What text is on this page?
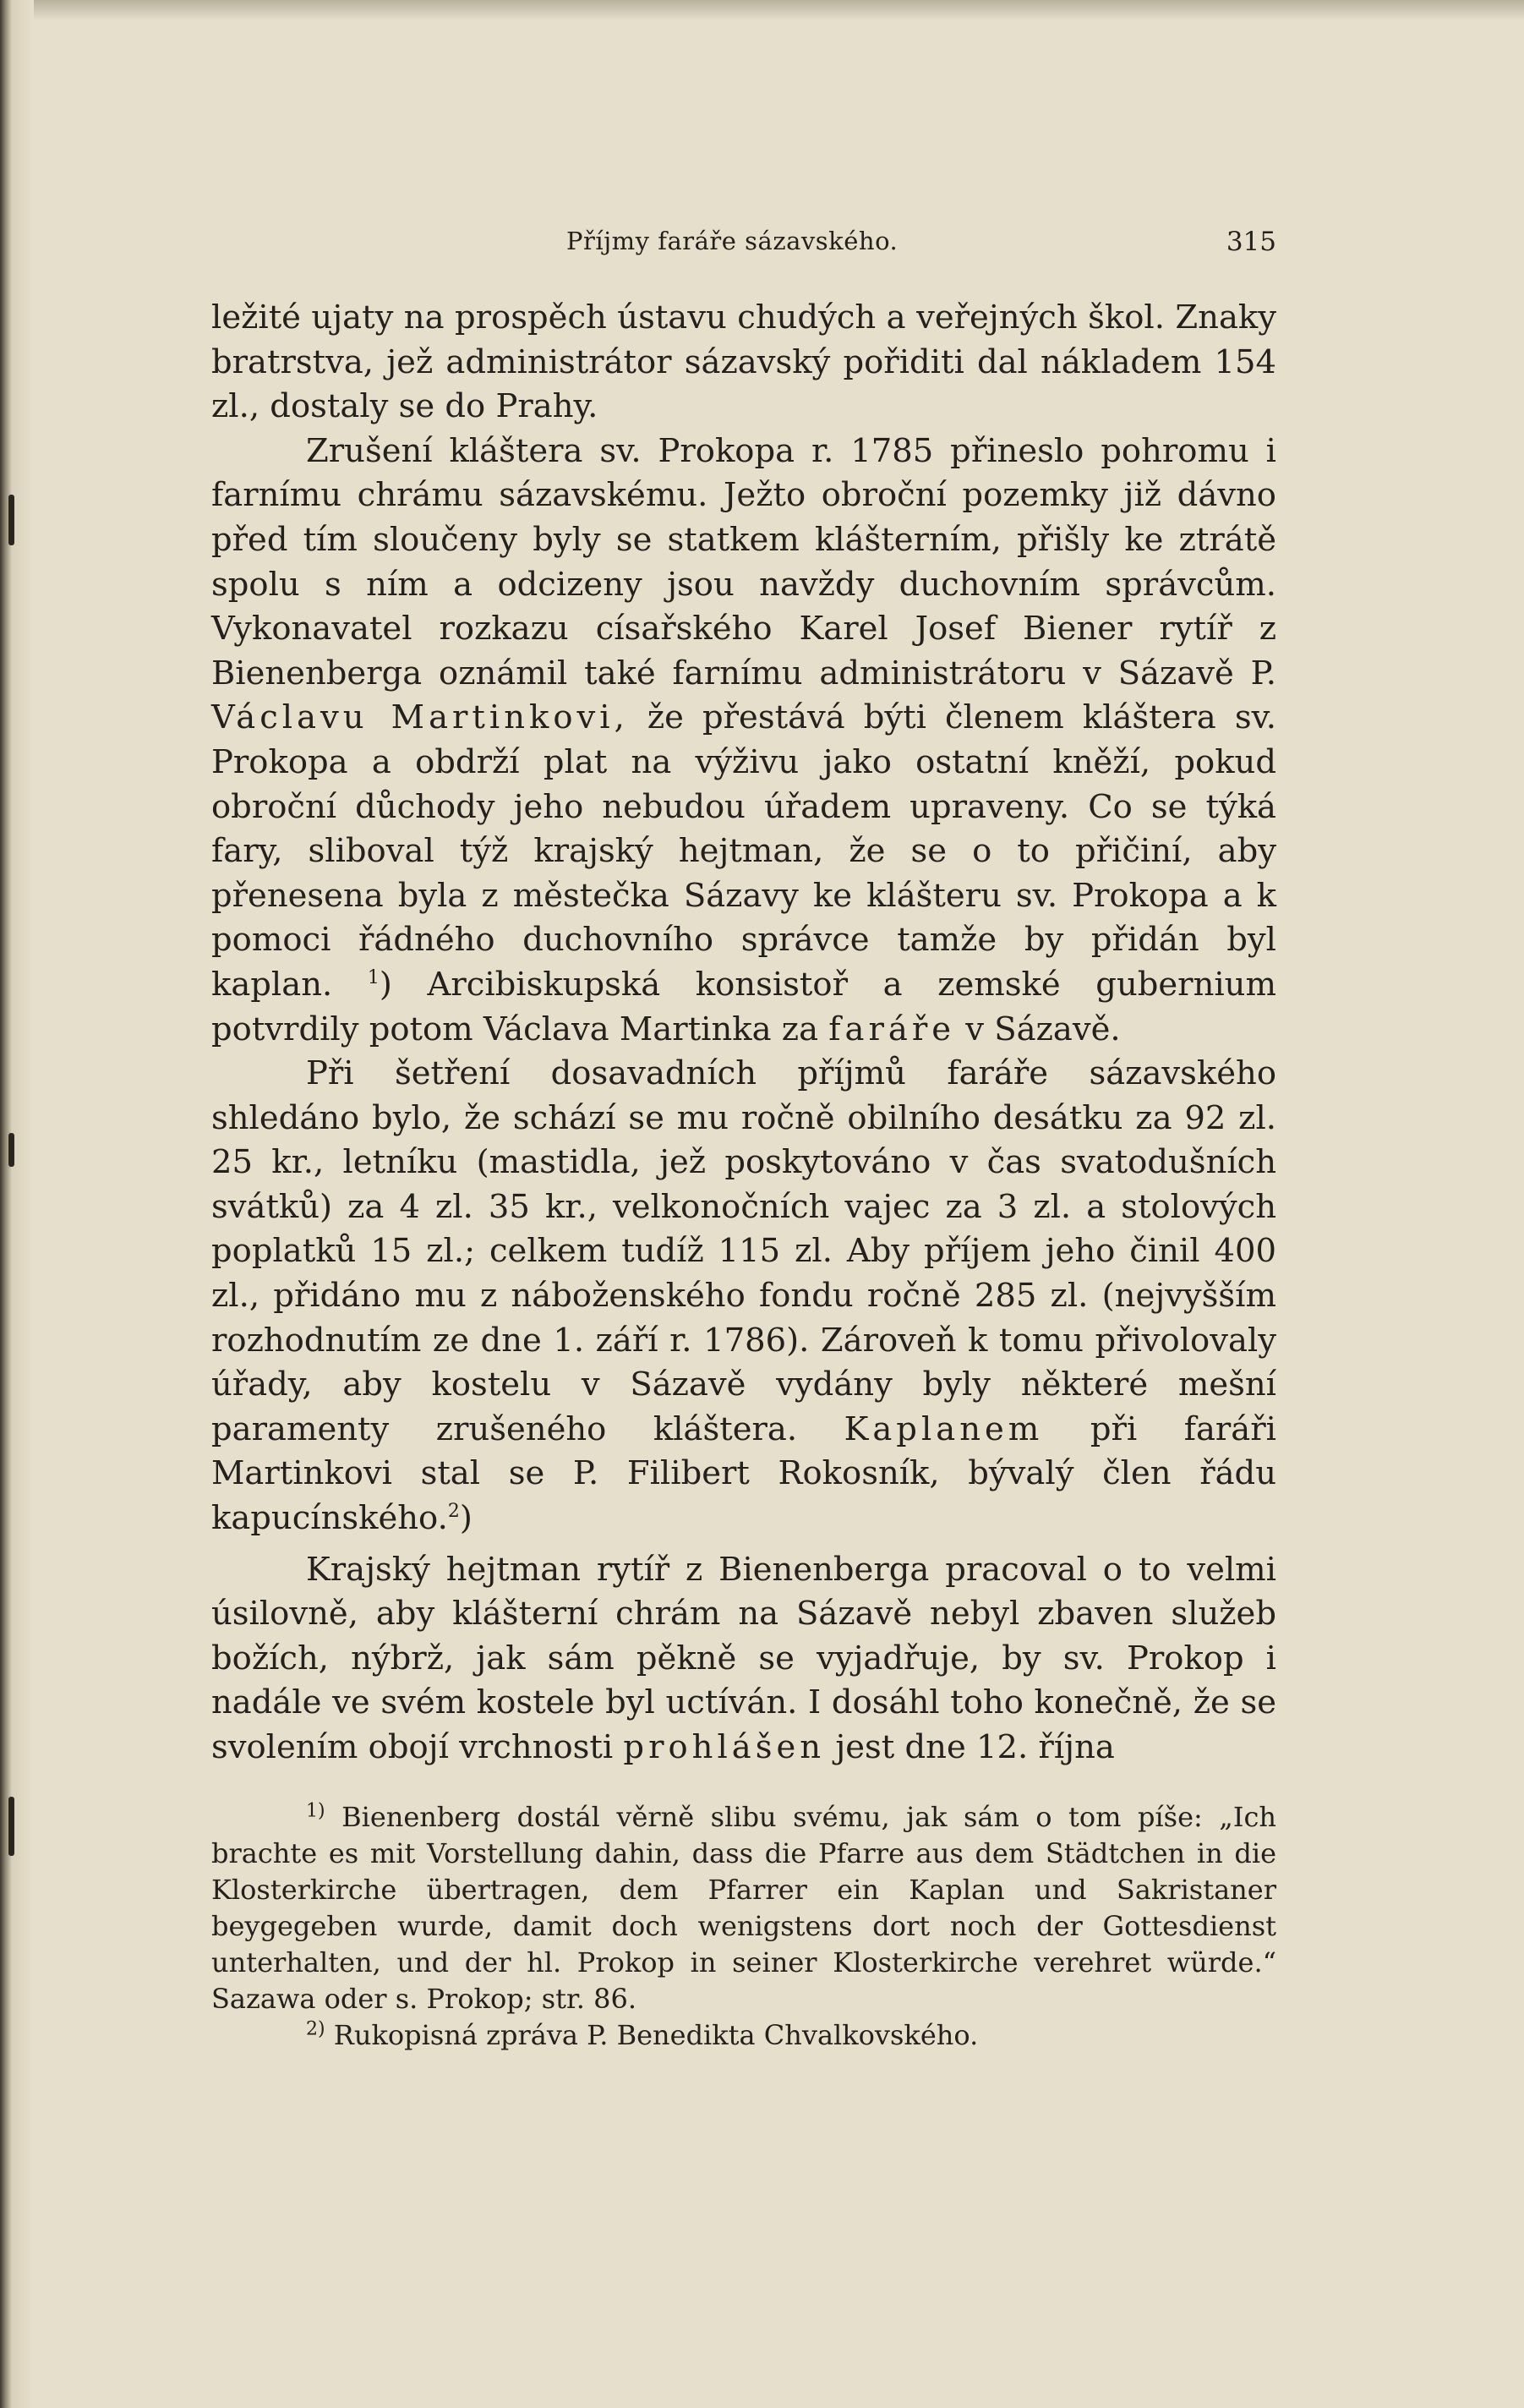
Příjmy faráře sázavského.	315

ležité ujaty na prospěch ústavu chudých a veřejných škol. Znaky bratrstva, jež administrátor sázavský pořiditi dal nákladem 154 zl., dostaly se do Prahy.

Zrušení kláštera sv. Prokopa r. 1785 přineslo pohromu i farnímu chrámu sázavskému. Ježto obroční pozemky již dávno před tím sloučeny byly se statkem klášterním, přišly ke ztrátě spolu s ním a odcizeny jsou navždy duchovním správcům. Vykonavatel rozkazu císařského Karel Josef Biener rytíř z Bienenberga oznámil také farnímu administrátoru v Sázavě P. Václavu Martinkovi, že přestává býti členem kláštera sv. Prokopa a obdrží plat na výživu jako ostatní kněží, pokud obroční důchody jeho nebudou úřadem upraveny. Co se týká fary, sliboval týž krajský hejtman, že se o to přičiní, aby přenesena byla z městečka Sázavy ke klášteru sv. Prokopa a k pomoci řádného duchovního správce tamže by přidán byl kaplan. $^1$) Arcibiskupská konsistoř a zemské gubernium potvrdily potom Václava Martinka za faráře v Sázavě.

Při šetření dosavadních příjmů faráře sázavského shledáno bylo, že schází se mu ročně obilního desátku za 92 zl. 25 kr., letníku (mastidla, jež poskytováno v čas svatodušních svátků) za 4 zl. 35 kr., velkonočních vajec za 3 zl. a stolových poplatků 15 zl.; celkem tudíž 115 zl. Aby příjem jeho činil 400 zl., přidáno mu z náboženského fondu ročně 285 zl. (nejvyšším rozhodnutím ze dne 1. září r. 1786). Zároveň k tomu přivolovaly úřady, aby kostelu v Sázavě vydány byly některé mešní paramenty zrušeného kláštera. Kaplanem při faráři Martinkovi stal se P. Filibert Rokosník, bývalý člen řádu kapucínského.$^2$)

Krajský hejtman rytíř z Bienenberga pracoval o to velmi úsilovně, aby klášterní chrám na Sázavě nebyl zbaven služeb božích, nýbrž, jak sám pěkně se vyjadřuje, by sv. Prokop i nadále ve svém kostele byl uctíván. I dosáhl toho konečně, že se svolením obojí vrchnosti prohlášen jest dne 12. října

$^{1)}$ Bienenberg dostál věrně slibu svému, jak sám o tom píše: „Ich brachte es mit Vorstellung dahin, dass die Pfarre aus dem Städtchen in die Klosterkirche übertragen, dem Pfarrer ein Kaplan und Sakristaner beygegeben wurde, damit doch wenigstens dort noch der Gottesdienst unterhalten, und der hl. Prokop in seiner Klosterkirche verehret würde.“ Sazawa oder s. Prokop; str. 86.

$^{2)}$ Rukopisná zpráva P. Benedikta Chvalkovského.
